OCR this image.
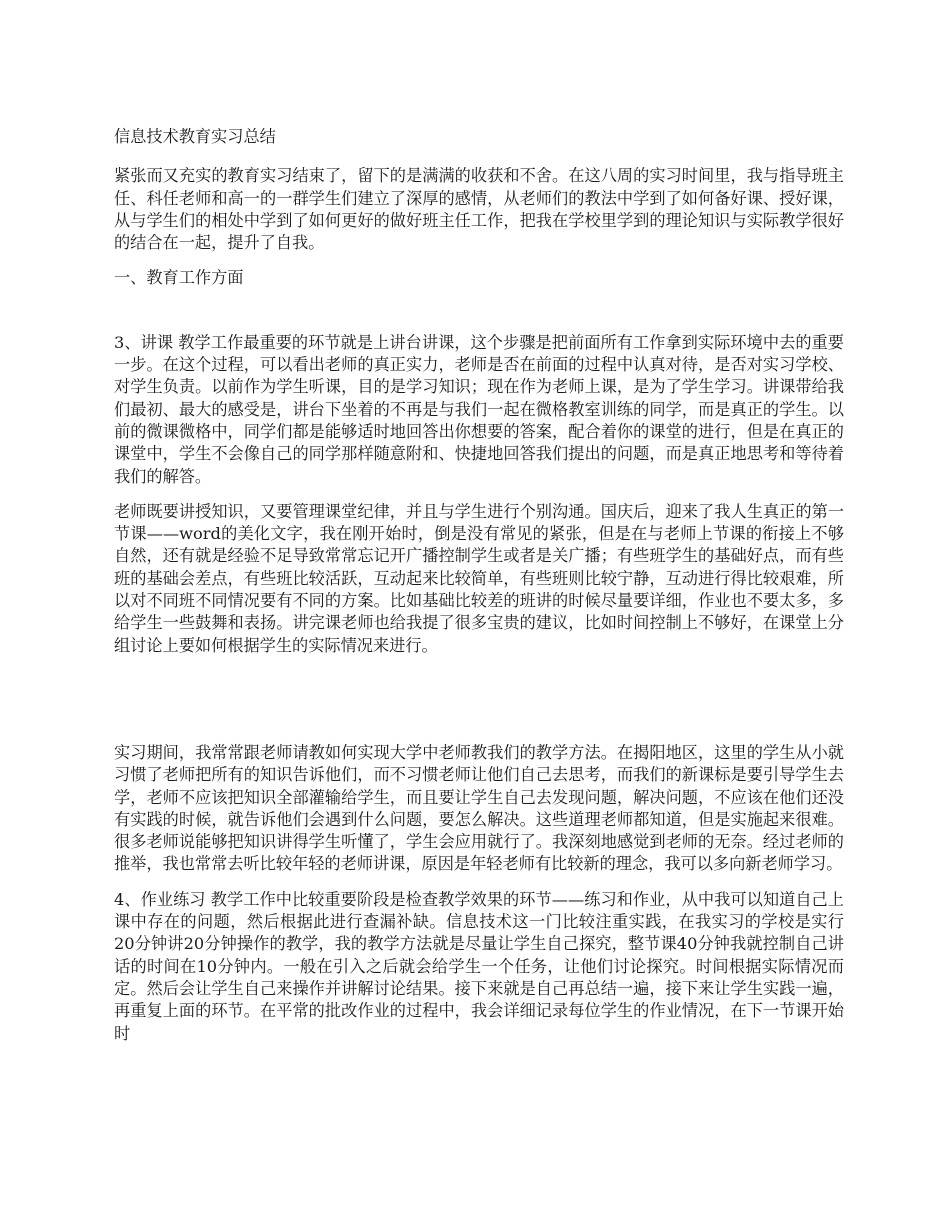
信息技术教育实习总结

紧张而又充实的教育实习结束了，留下的是满满的收获和不舍。在这八周的实习时间里，我与指导班主任、科任老师和高一的一群学生们建立了深厚的感情，从老师们的教法中学到了如何备好课、授好课，从与学生们的相处中学到了如何更好的做好班主任工作，把我在学校里学到的理论知识与实际教学很好的结合在一起，提升了自我。

一、教育工作方面

3、讲课 教学工作最重要的环节就是上讲台讲课，这个步骤是把前面所有工作拿到实际环境中去的重要一步。在这个过程，可以看出老师的真正实力，老师是否在前面的过程中认真对待，是否对实习学校、对学生负责。以前作为学生听课，目的是学习知识；现在作为老师上课，是为了学生学习。讲课带给我们最初、最大的感受是，讲台下坐着的不再是与我们一起在微格教室训练的同学，而是真正的学生。以前的微课微格中，同学们都是能够适时地回答出你想要的答案，配合着你的课堂的进行，但是在真正的课堂中，学生不会像自己的同学那样随意附和、快捷地回答我们提出的问题，而是真正地思考和等待着我们的解答。

老师既要讲授知识，又要管理课堂纪律，并且与学生进行个别沟通。国庆后，迎来了我人生真正的第一节课——word的美化文字，我在刚开始时，倒是没有常见的紧张，但是在与老师上节课的衔接上不够自然，还有就是经验不足导致常常忘记开广播控制学生或者是关广播；有些班学生的基础好点，而有些班的基础会差点，有些班比较活跃，互动起来比较简单，有些班则比较宁静，互动进行得比较艰难，所以对不同班不同情况要有不同的方案。比如基础比较差的班讲的时候尽量要详细，作业也不要太多，多给学生一些鼓舞和表扬。讲完课老师也给我提了很多宝贵的建议，比如时间控制上不够好，在课堂上分组讨论上要如何根据学生的实际情况来进行。

实习期间，我常常跟老师请教如何实现大学中老师教我们的教学方法。在揭阳地区，这里的学生从小就习惯了老师把所有的知识告诉他们，而不习惯老师让他们自己去思考，而我们的新课标是要引导学生去学，老师不应该把知识全部灌输给学生，而且要让学生自己去发现问题，解决问题，不应该在他们还没有实践的时候，就告诉他们会遇到什么问题，要怎么解决。这些道理老师都知道，但是实施起来很难。很多老师说能够把知识讲得学生听懂了，学生会应用就行了。我深刻地感觉到老师的无奈。经过老师的推举，我也常常去听比较年轻的老师讲课，原因是年轻老师有比较新的理念，我可以多向新老师学习。

4、作业练习 教学工作中比较重要阶段是检查教学效果的环节——练习和作业，从中我可以知道自己上课中存在的问题，然后根据此进行查漏补缺。信息技术这一门比较注重实践，在我实习的学校是实行20分钟讲20分钟操作的教学，我的教学方法就是尽量让学生自己探究，整节课40分钟我就控制自己讲话的时间在10分钟内。一般在引入之后就会给学生一个任务，让他们讨论探究。时间根据实际情况而定。然后会让学生自己来操作并讲解讨论结果。接下来就是自己再总结一遍，接下来让学生实践一遍，再重复上面的环节。在平常的批改作业的过程中，我会详细记录每位学生的作业情况，在下一节课开始时
